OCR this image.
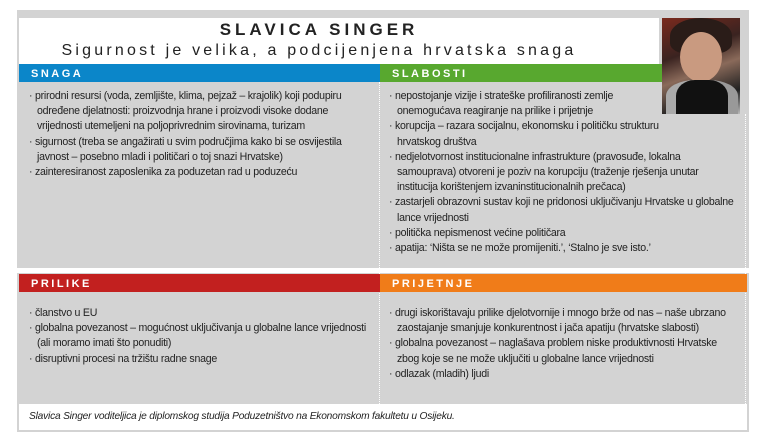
SLAVICA SINGER
Sigurnost je velika, a podcijenjena hrvatska snaga
SNAGA	SLABOSTI
· prirodni resursi (voda, zemljište, klima, pejzaž – krajolik) koji podupiru određene djelatnosti: proizvodnja hrane i proizvodi visoke dodane vrijednosti utemeljeni na poljoprivrednim sirovinama, turizam
· sigurnost (treba se angažirati u svim područjima kako bi se osvijestila javnost – posebno mladi i političari o toj snazi Hrvatske)
· zainteresiranost zaposlenika za poduzetan rad u poduzeću
· nepostojanje vizije i strateške profiliranosti zemlje onemogućava reagiranje na prilike i prijetnje
· korupcija – razara socijalnu, ekonomsku i političku strukturu hrvatskog društva
· nedjelotvornost institucionalne infrastrukture (pravosuđe, lokalna samouprava) otvoreni je poziv na korupciju (traženje rješenja unutar institucija korištenjem izvaninstitucionalnih prečaca)
· zastarjeli obrazovni sustav koji ne pridonosi uključivanju Hrvatske u globalne lance vrijednosti
· politička nepismenost većine političara
· apatija: ‘Ništa se ne može promijeniti.’, ‘Stalno je sve isto.’
PRILIKE	PRIJETNJE
· članstvo u EU
· globalna povezanost – mogućnost uključivanja u globalne lance vrijednosti (ali moramo imati što ponuditi)
· disruptivni procesi na tržištu radne snage
· drugi iskorištavaju prilike djelotvornije i mnogo brže od nas – naše ubrzano zaostajanje smanjuje konkurentnost i jača apatiju (hrvatske slabosti)
· globalna povezanost – naglašava problem niske produktivnosti Hrvatske zbog koje se ne može uključiti u globalne lance vrijednosti
· odlazak (mladih) ljudi
Slavica Singer voditeljica je diplomskog studija Poduzetništvo na Ekonomskom fakultetu u Osijeku.
